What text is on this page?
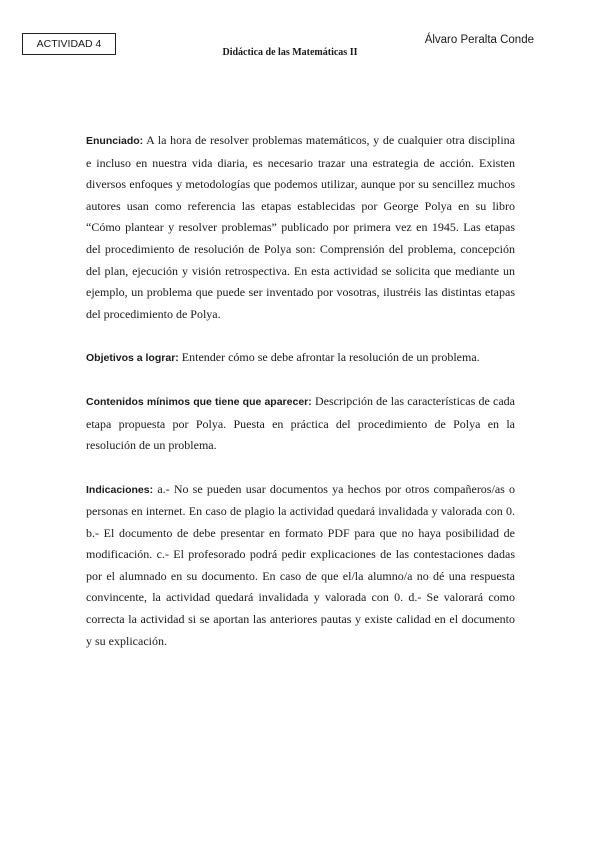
ACTIVIDAD 4
Didáctica de las Matemáticas II
Álvaro Peralta Conde

Enunciado: A la hora de resolver problemas matemáticos, y de cualquier otra disciplina e incluso en nuestra vida diaria, es necesario trazar una estrategia de acción. Existen diversos enfoques y metodologías que podemos utilizar, aunque por su sencillez muchos autores usan como referencia las etapas establecidas por George Polya en su libro “Cómo plantear y resolver problemas” publicado por primera vez en 1945. Las etapas del procedimiento de resolución de Polya son: Comprensión del problema, concepción del plan, ejecución y visión retrospectiva. En esta actividad se solicita que mediante un ejemplo, un problema que puede ser inventado por vosotras, ilustréis las distintas etapas del procedimiento de Polya.

Objetivos a lograr: Entender cómo se debe afrontar la resolución de un problema.

Contenidos mínimos que tiene que aparecer: Descripción de las características de cada etapa propuesta por Polya. Puesta en práctica del procedimiento de Polya en la resolución de un problema.

Indicaciones: a.- No se pueden usar documentos ya hechos por otros compañeros/as o personas en internet. En caso de plagio la actividad quedará invalidada y valorada con 0. b.- El documento de debe presentar en formato PDF para que no haya posibilidad de modificación. c.- El profesorado podrá pedir explicaciones de las contestaciones dadas por el alumnado en su documento. En caso de que el/la alumno/a no dé una respuesta convincente, la actividad quedará invalidada y valorada con 0. d.- Se valorará como correcta la actividad si se aportan las anteriores pautas y existe calidad en el documento y su explicación.
